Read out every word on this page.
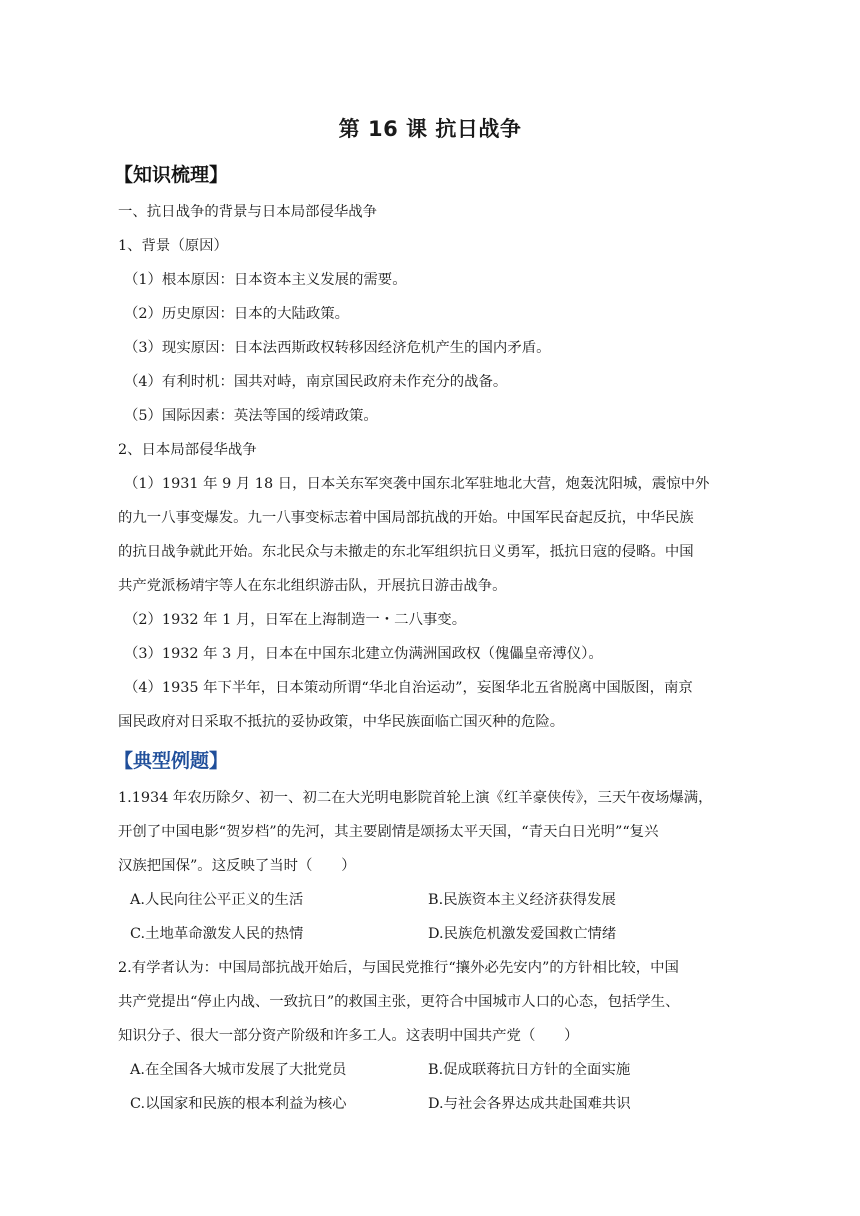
第 16 课 抗日战争
【知识梳理】
一、抗日战争的背景与日本局部侵华战争
1、背景（原因）
（1）根本原因：日本资本主义发展的需要。
（2）历史原因：日本的大陆政策。
（3）现实原因：日本法西斯政权转移因经济危机产生的国内矛盾。
（4）有利时机：国共对峙，南京国民政府未作充分的战备。
（5）国际因素：英法等国的绥靖政策。
2、日本局部侵华战争
（1）1931 年 9 月 18 日，日本关东军突袭中国东北军驻地北大营，炮轰沈阳城，震惊中外
的九一八事变爆发。九一八事变标志着中国局部抗战的开始。中国军民奋起反抗，中华民族
的抗日战争就此开始。东北民众与未撤走的东北军组织抗日义勇军，抵抗日寇的侵略。中国
共产党派杨靖宇等人在东北组织游击队，开展抗日游击战争。
（2）1932 年 1 月，日军在上海制造一・二八事变。
（3）1932 年 3 月，日本在中国东北建立伪满洲国政权（傀儡皇帝溥仪）。
（4）1935 年下半年，日本策动所谓“华北自治运动”，妄图华北五省脱离中国版图，南京
国民政府对日采取不抵抗的妥协政策，中华民族面临亡国灭种的危险。
【典型例题】
1.1934 年农历除夕、初一、初二在大光明电影院首轮上演《红羊豪侠传》，三天午夜场爆满，
开创了中国电影“贺岁档”的先河，其主要剧情是颂扬太平天国，“青天白日光明”“复兴
汉族把国保”。这反映了当时（　　）
A.人民向往公平正义的生活	B.民族资本主义经济获得发展
C.土地革命激发人民的热情	D.民族危机激发爱国救亡情绪
2.有学者认为：中国局部抗战开始后，与国民党推行“攘外必先安内”的方针相比较，中国
共产党提出“停止内战、一致抗日”的救国主张，更符合中国城市人口的心态，包括学生、
知识分子、很大一部分资产阶级和许多工人。这表明中国共产党（　　）
A.在全国各大城市发展了大批党员	B.促成联蒋抗日方针的全面实施
C.以国家和民族的根本利益为核心	D.与社会各界达成共赴国难共识
